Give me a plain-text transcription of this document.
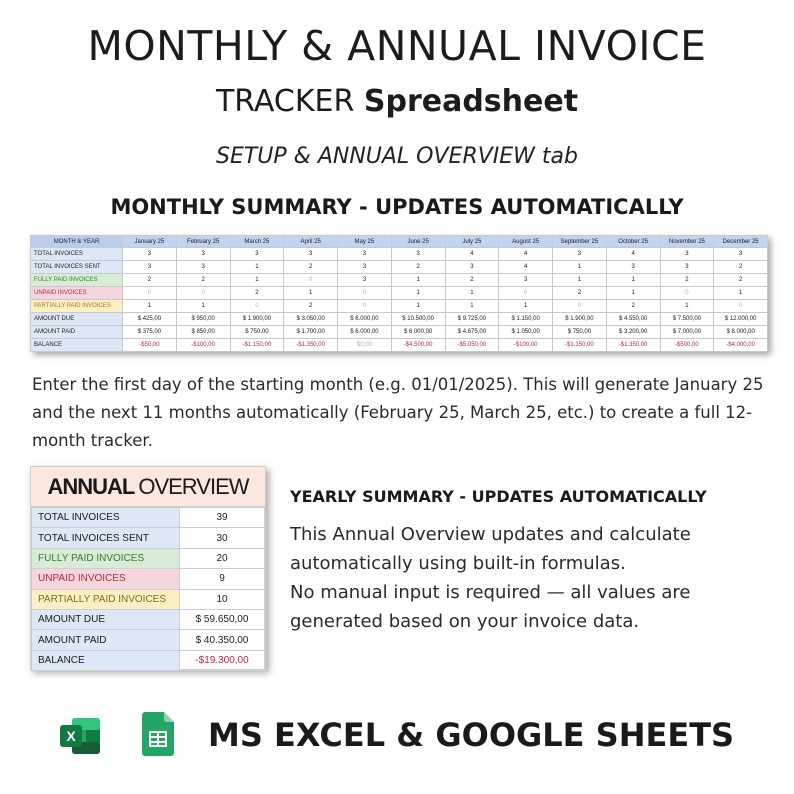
MONTHLY & ANNUAL INVOICE
TRACKER Spreadsheet
SETUP & ANNUAL OVERVIEW tab
MONTHLY SUMMARY - UPDATES AUTOMATICALLY
MONTH & YEAR	January 25	February 25	March 25	April 25	May 25	June 25	July 25	August 25	September 25	October 25	November 25	December 25
TOTAL INVOICES	3	3	3	3	3	3	4	4	3	4	3	3
TOTAL INVOICES SENT	3	3	1	2	3	2	3	4	1	3	3	2
FULLY PAID INVOICES	2	2	1	0	3	1	2	3	1	1	2	2
UNPAID INVOICES	0	0	2	1	0	1	1	0	2	1	0	1
PARTIALLY PAID INVOICES	1	1	0	2	0	1	1	1	0	2	1	0
AMOUNT DUE	$ 425,00	$ 950,00	$ 1.900,00	$ 3.050,00	$ 6.000,00	$ 10.500,00	$ 9.725,00	$ 1.150,00	$ 1.900,00	$ 4.550,00	$ 7.500,00	$ 12.000,00
AMOUNT PAID	$ 375,00	$ 850,00	$ 750,00	$ 1.700,00	$ 6.000,00	$ 6.000,00	$ 4.675,00	$ 1.050,00	$ 750,00	$ 3.200,00	$ 7.000,00	$ 8.000,00
BALANCE	-$50,00	-$100,00	-$1.150,00	-$1.350,00	$0,00	-$4.500,00	-$5.050,00	-$100,00	-$1.150,00	-$1.350,00	-$500,00	-$4.000,00
Enter the first day of the starting month (e.g. 01/01/2025). This will generate January 25 and the next 11 months automatically (February 25, March 25, etc.) to create a full 12-month tracker.
ANNUAL OVERVIEW
TOTAL INVOICES	39
TOTAL INVOICES SENT	30
FULLY PAID INVOICES	20
UNPAID INVOICES	9
PARTIALLY PAID INVOICES	10
AMOUNT DUE	$ 59.650,00
AMOUNT PAID	$ 40.350,00
BALANCE	-$19.300,00
YEARLY SUMMARY - UPDATES AUTOMATICALLY
This Annual Overview updates and calculate
automatically using built-in formulas.
No manual input is required — all values are
generated based on your invoice data.
X	MS EXCEL & GOOGLE SHEETS
